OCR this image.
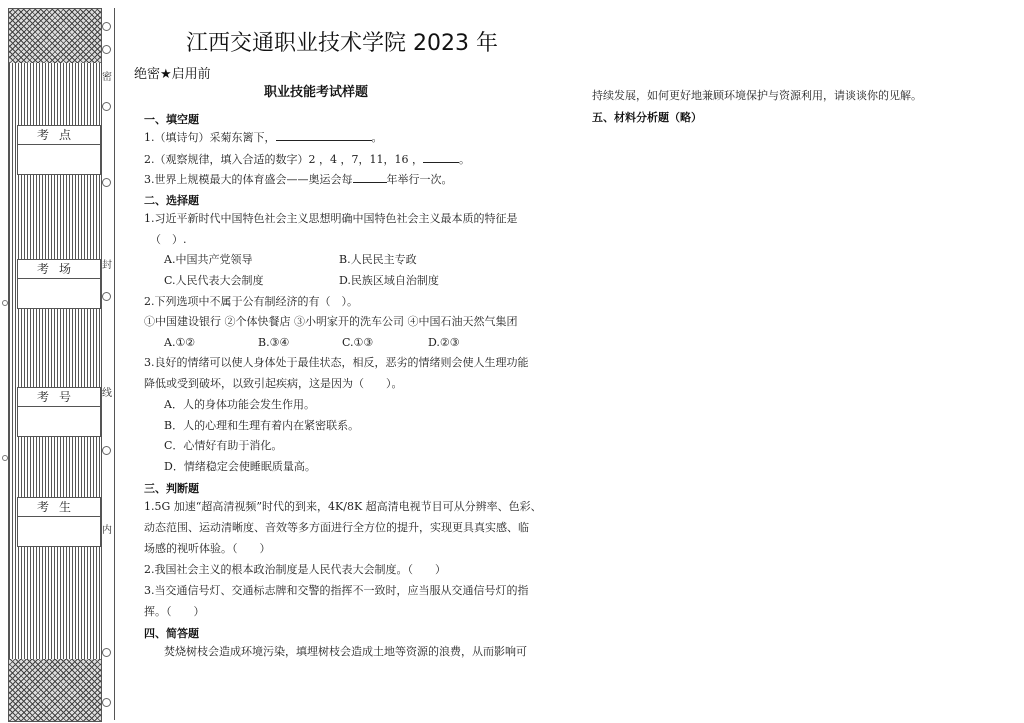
考点
考场
考号
考生
密
封
线
内
江西交通职业技术学院 2023 年
绝密★启用前
职业技能考试样题
一、填空题
1.（填诗句）采菊东篱下，	。
2.（观察规律，填入合适的数字）2 ，4 ，7，11，16 ，	。
3.世界上规模最大的体育盛会——奥运会每	年举行一次。
二、选择题
1.习近平新时代中国特色社会主义思想明确中国特色社会主义最本质的特征是
（　）.
A.中国共产党领导	B.人民民主专政
C.人民代表大会制度	D.民族区域自治制度
2.下列选项中不属于公有制经济的有（　）。
①中国建设银行 ②个体快餐店 ③小明家开的洗车公司 ④中国石油天然气集团
A.①②	B.③④	C.①③	D.②③
3.良好的情绪可以使人身体处于最佳状态，相反，恶劣的情绪则会使人生理功能
降低或受到破坏，以致引起疾病，这是因为（　　）。
A．人的身体功能会发生作用。
B．人的心理和生理有着内在紧密联系。
C．心情好有助于消化。
D．情绪稳定会使睡眠质量高。
三、判断题
1.5G 加速“超高清视频”时代的到来，4K/8K 超高清电视节目可从分辨率、色彩、
动态范围、运动清晰度、音效等多方面进行全方位的提升，实现更具真实感、临
场感的视听体验。（　　）
2.我国社会主义的根本政治制度是人民代表大会制度。（　　）
3.当交通信号灯、交通标志牌和交警的指挥不一致时，应当服从交通信号灯的指
挥。（　　）
四、简答题
焚烧树枝会造成环境污染，填埋树枝会造成土地等资源的浪费，从而影响可
持续发展，如何更好地兼顾环境保护与资源利用，请谈谈你的见解。
五、材料分析题（略）
